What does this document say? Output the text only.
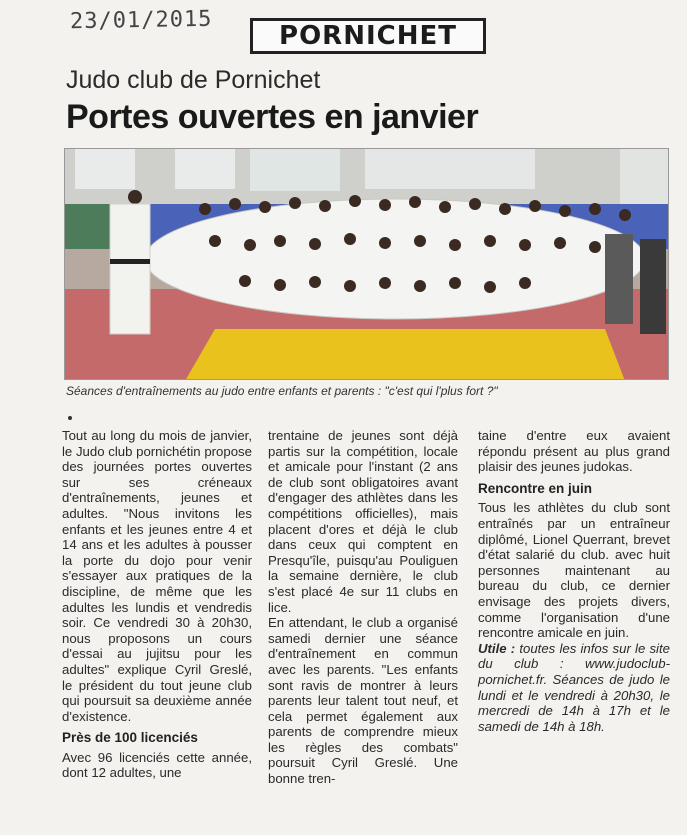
23/01/2015
PORNICHET
Judo club de Pornichet
Portes ouvertes en janvier
Séances d'entraînements au judo entre enfants et parents : "c'est qui l'plus fort ?"

Tout au long du mois de janvier, le Judo club pornichétin propose des journées portes ouvertes sur ses créneaux d'entraînements, jeunes et adultes. "Nous invitons les enfants et les jeunes entre 4 et 14 ans et les adultes à pousser la porte du dojo pour venir s'essayer aux pratiques de la discipline, de même que les adultes les lundis et vendredis soir. Ce vendredi 30 à 20h30, nous proposons un cours d'essai au jujitsu pour les adultes" explique Cyril Greslé, le président du tout jeune club qui poursuit sa deuxième année d'existence.

Près de 100 licenciés

Avec 96 licenciés cette année, dont 12 adultes, une

trentaine de jeunes sont déjà partis sur la compétition, locale et amicale pour l'instant (2 ans de club sont obligatoires avant d'engager des athlètes dans les compétitions officielles), mais placent d'ores et déjà le club dans ceux qui comptent en Presqu'île, puisqu'au Pouliguen la semaine dernière, le club s'est placé 4e sur 11 clubs en lice.
En attendant, le club a organisé samedi dernier une séance d'entraînement en commun avec les parents. "Les enfants sont ravis de montrer à leurs parents leur talent tout neuf, et cela permet également aux parents de comprendre mieux les règles des combats" poursuit Cyril Greslé. Une bonne tren-

taine d'entre eux avaient répondu présent au plus grand plaisir des jeunes judokas.

Rencontre en juin

Tous les athlètes du club sont entraînés par un entraîneur diplômé, Lionel Querrant, brevet d'état salarié du club. avec huit personnes maintenant au bureau du club, ce dernier envisage des projets divers, comme l'organisation d'une rencontre amicale en juin.

Utile : toutes les infos sur le site du club : www.judoclub-pornichet.fr. Séances de judo le lundi et le vendredi à 20h30, le mercredi de 14h à 17h et le samedi de 14h à 18h.
